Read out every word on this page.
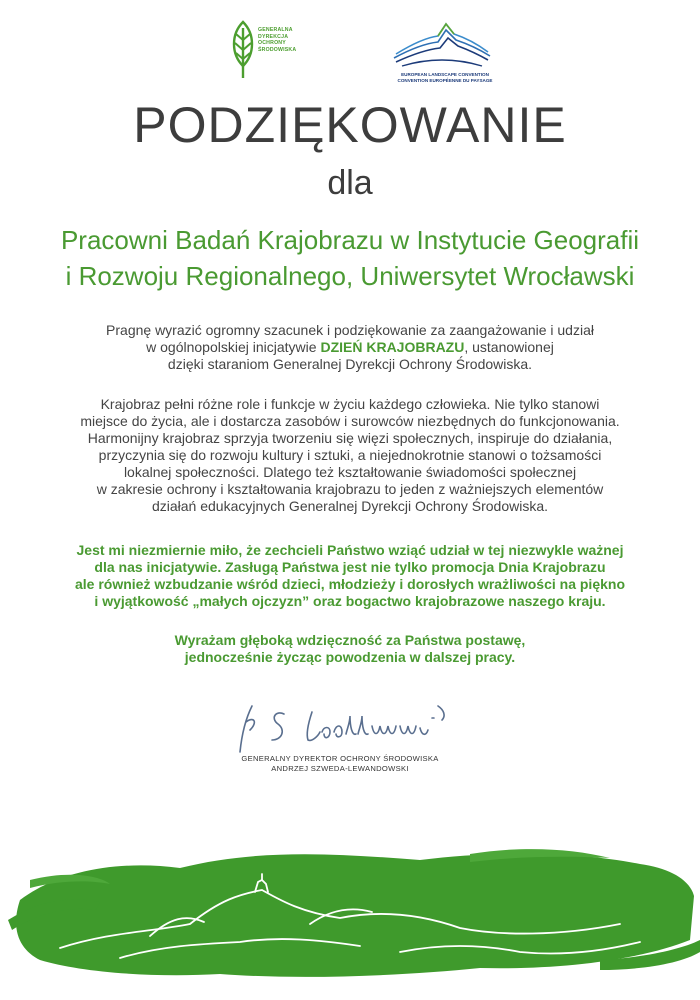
GENERALNA
DYREKCJA
OCHRONY
ŚRODOWISKA
EUROPEAN LANDSCAPE CONVENTION
CONVENTION EUROPÉENNE DU PAYSAGE
PODZIĘKOWANIE
dla
Pracowni Badań Krajobrazu w Instytucie Geografii
i Rozwoju Regionalnego, Uniwersytet Wrocławski
Pragnę wyrazić ogromny szacunek i podziękowanie za zaangażowanie i udział
w ogólnopolskiej inicjatywie DZIEŃ KRAJOBRAZU, ustanowionej
dzięki staraniom Generalnej Dyrekcji Ochrony Środowiska.
Krajobraz pełni różne role i funkcje w życiu każdego człowieka. Nie tylko stanowi
miejsce do życia, ale i dostarcza zasobów i surowców niezbędnych do funkcjonowania.
Harmonijny krajobraz sprzyja tworzeniu się więzi społecznych, inspiruje do działania,
przyczynia się do rozwoju kultury i sztuki, a niejednokrotnie stanowi o tożsamości
lokalnej społeczności. Dlatego też kształtowanie świadomości społecznej
w zakresie ochrony i kształtowania krajobrazu to jeden z ważniejszych elementów
działań edukacyjnych Generalnej Dyrekcji Ochrony Środowiska.
Jest mi niezmiernie miło, że zechcieli Państwo wziąć udział w tej niezwykle ważnej
dla nas inicjatywie. Zasługą Państwa jest nie tylko promocja Dnia Krajobrazu
ale również wzbudzanie wśród dzieci, młodzieży i dorosłych wrażliwości na piękno
i wyjątkowość „małych ojczyzn” oraz bogactwo krajobrazowe naszego kraju.
Wyrażam głęboką wdzięczność za Państwa postawę,
jednocześnie życząc powodzenia w dalszej pracy.
GENERALNY DYREKTOR OCHRONY ŚRODOWISKA
ANDRZEJ SZWEDA-LEWANDOWSKI
